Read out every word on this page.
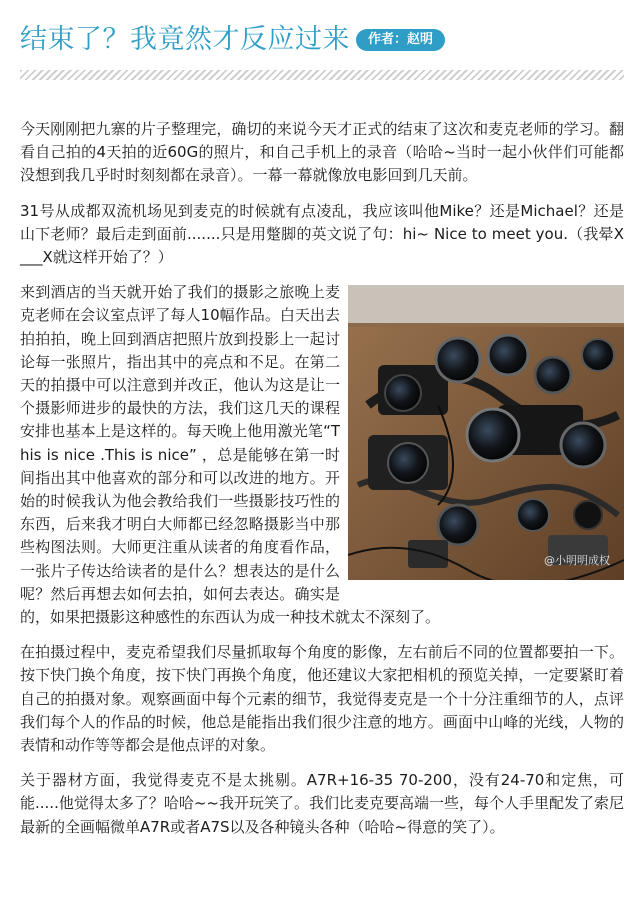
结束了？我竟然才反应过来	作者：赵明

今天刚刚把九寨的片子整理完，确切的来说今天才正式的结束了这次和麦克老师的学习。翻看自己拍的4天拍的近60G的照片，和自己手机上的录音（哈哈~当时一起小伙伴们可能都没想到我几乎时时刻刻都在录音）。一幕一幕就像放电影回到几天前。

31号从成都双流机场见到麦克的时候就有点凌乱，我应该叫他Mike？还是Michael？还是山下老师？最后走到面前.......只是用蹩脚的英文说了句：hi~ Nice to meet you.（我晕X___X就这样开始了？）

@小明明成权

来到酒店的当天就开始了我们的摄影之旅晚上麦克老师在会议室点评了每人10幅作品。白天出去拍拍拍，晚上回到酒店把照片放到投影上一起讨论每一张照片，指出其中的亮点和不足。在第二天的拍摄中可以注意到并改正，他认为这是让一个摄影师进步的最快的方法，我们这几天的课程安排也基本上是这样的。每天晚上他用激光笔“This is nice .This is nice” ，总是能够在第一时间指出其中他喜欢的部分和可以改进的地方。开始的时候我认为他会教给我们一些摄影技巧性的东西，后来我才明白大师都已经忽略摄影当中那些构图法则。大师更注重从读者的角度看作品，一张片子传达给读者的是什么？想表达的是什么呢？然后再想去如何去拍，如何去表达。确实是的，如果把摄影这种感性的东西认为成一种技术就太不深刻了。

在拍摄过程中，麦克希望我们尽量抓取每个角度的影像，左右前后不同的位置都要拍一下。按下快门换个角度，按下快门再换个角度，他还建议大家把相机的预览关掉，一定要紧盯着自己的拍摄对象。观察画面中每个元素的细节，我觉得麦克是一个十分注重细节的人，点评我们每个人的作品的时候，他总是能指出我们很少注意的地方。画面中山峰的光线，人物的表情和动作等等都会是他点评的对象。

关于器材方面，我觉得麦克不是太挑剔。A7R+16-35 70-200，没有24-70和定焦，可能.....他觉得太多了？哈哈~~我开玩笑了。我们比麦克要高端一些，每个人手里配发了索尼最新的全画幅微单A7R或者A7S以及各种镜头各种（哈哈~得意的笑了）。
